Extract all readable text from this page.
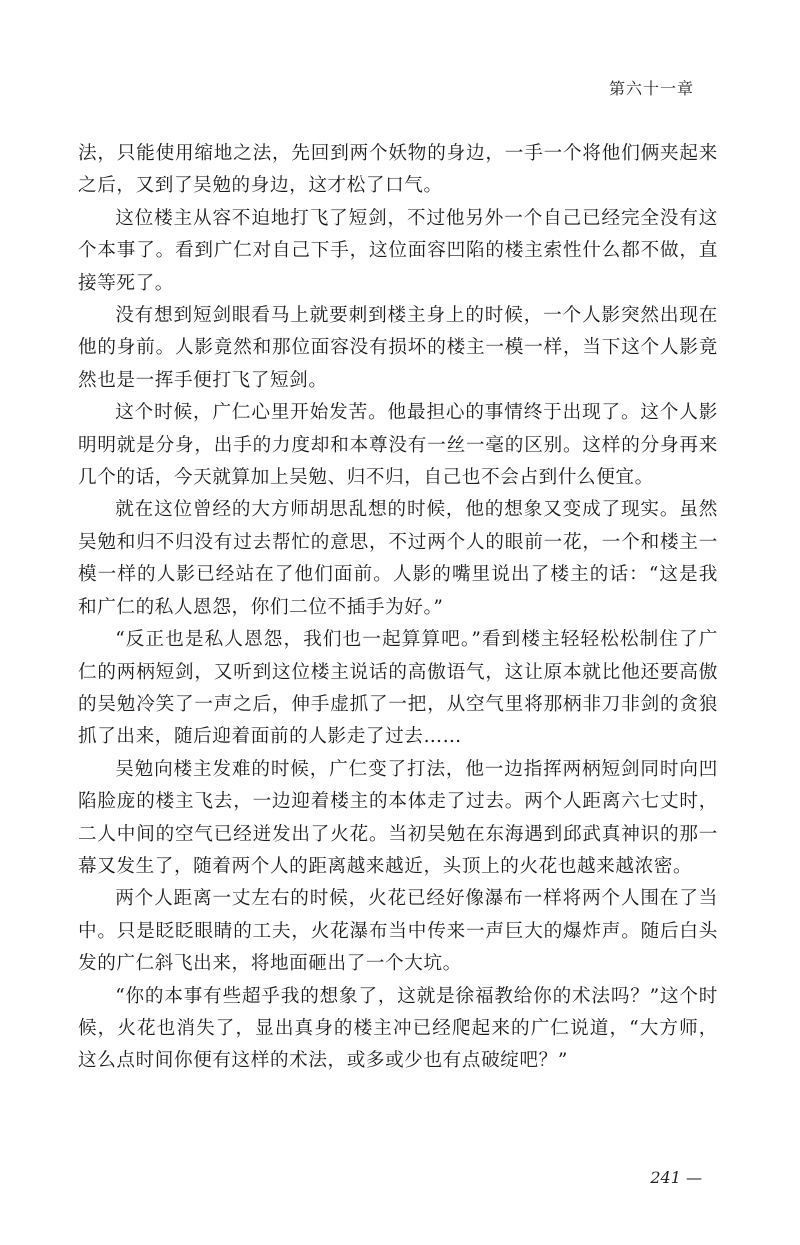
第六十一章

法，只能使用缩地之法，先回到两个妖物的身边，一手一个将他们俩夹起来之后，又到了吴勉的身边，这才松了口气。

这位楼主从容不迫地打飞了短剑，不过他另外一个自己已经完全没有这个本事了。看到广仁对自己下手，这位面容凹陷的楼主索性什么都不做，直接等死了。

没有想到短剑眼看马上就要刺到楼主身上的时候，一个人影突然出现在他的身前。人影竟然和那位面容没有损坏的楼主一模一样，当下这个人影竟然也是一挥手便打飞了短剑。

这个时候，广仁心里开始发苦。他最担心的事情终于出现了。这个人影明明就是分身，出手的力度却和本尊没有一丝一毫的区别。这样的分身再来几个的话，今天就算加上吴勉、归不归，自己也不会占到什么便宜。

就在这位曾经的大方师胡思乱想的时候，他的想象又变成了现实。虽然吴勉和归不归没有过去帮忙的意思，不过两个人的眼前一花，一个和楼主一模一样的人影已经站在了他们面前。人影的嘴里说出了楼主的话：“这是我和广仁的私人恩怨，你们二位不插手为好。”

“反正也是私人恩怨，我们也一起算算吧。”看到楼主轻轻松松制住了广仁的两柄短剑，又听到这位楼主说话的高傲语气，这让原本就比他还要高傲的吴勉冷笑了一声之后，伸手虚抓了一把，从空气里将那柄非刀非剑的贪狼抓了出来，随后迎着面前的人影走了过去……

吴勉向楼主发难的时候，广仁变了打法，他一边指挥两柄短剑同时向凹陷脸庞的楼主飞去，一边迎着楼主的本体走了过去。两个人距离六七丈时，二人中间的空气已经迸发出了火花。当初吴勉在东海遇到邱武真神识的那一幕又发生了，随着两个人的距离越来越近，头顶上的火花也越来越浓密。

两个人距离一丈左右的时候，火花已经好像瀑布一样将两个人围在了当中。只是眨眨眼睛的工夫，火花瀑布当中传来一声巨大的爆炸声。随后白头发的广仁斜飞出来，将地面砸出了一个大坑。

“你的本事有些超乎我的想象了，这就是徐福教给你的术法吗？”这个时候，火花也消失了，显出真身的楼主冲已经爬起来的广仁说道，“大方师，这么点时间你便有这样的术法，或多或少也有点破绽吧？”

241 —
